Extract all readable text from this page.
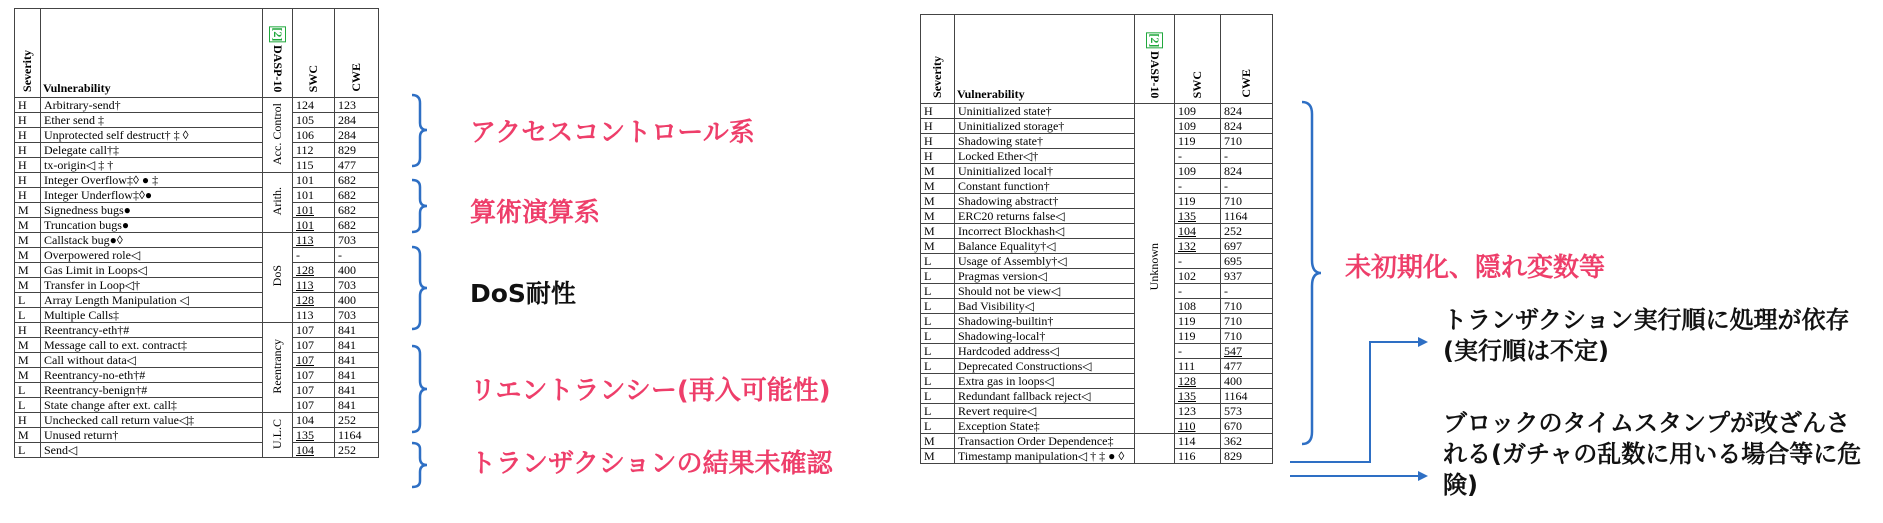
Severity	Vulnerability	DASP-10 [2]	SWC	CWE
H	Arbitrary-send†	Acc. Control	124	123
H	Ether send ‡		105	284
H	Unprotected self destruct† ‡ ◊		106	284
H	Delegate call†‡		112	829
H	tx-origin◁ ‡ †		115	477
H	Integer Overflow‡◊ ● ‡	Arith.	101	682
H	Integer Underflow‡◊●		101	682
M	Signedness bugs●		101	682
M	Truncation bugs●		101	682
M	Callstack bug●◊	DoS	113	703
M	Overpowered role◁		-	-
M	Gas Limit in Loops◁		128	400
M	Transfer in Loop◁†		113	703
L	Array Length Manipulation ◁		128	400
L	Multiple Calls‡		113	703
H	Reentrancy-eth†#	Reentrancy	107	841
M	Message call to ext. contract‡		107	841
M	Call without data◁		107	841
M	Reentrancy-no-eth†#		107	841
L	Reentrancy-benign†#		107	841
L	State change after ext. call‡		107	841
H	Unchecked call return value◁‡	U.L.C	104	252
M	Unused return†		135	1164
L	Send◁		104	252
Severity	Vulnerability	DASP-10 [2]	SWC	CWE
H	Uninitialized state†	Unknown	109	824
H	Uninitialized storage†		109	824
H	Shadowing state†		119	710
H	Locked Ether◁†		-	-
M	Uninitialized local†		109	824
M	Constant function†		-	-
M	Shadowing abstract†		119	710
M	ERC20 returns false◁		135	1164
M	Incorrect Blockhash◁		104	252
M	Balance Equality†◁		132	697
L	Usage of Assembly†◁		-	695
L	Pragmas version◁		102	937
L	Should not be view◁		-	-
L	Bad Visibility◁		108	710
L	Shadowing-builtin†		119	710
L	Shadowing-local†		119	710
L	Hardcoded address◁		-	547
L	Deprecated Constructions◁		111	477
L	Extra gas in loops◁		128	400
L	Redundant fallback reject◁		135	1164
L	Revert require◁		123	573
L	Exception State‡		110	670
M	Transaction Order Dependence‡		114	362
M	Timestamp manipulation◁ † ‡ ● ◊		116	829
アクセスコントロール系
算術演算系
DoS耐性
リエントランシー(再入可能性)
トランザクションの結果未確認
未初期化、隠れ変数等
トランザクション実行順に処理が依存(実行順は不定)
ブロックのタイムスタンプが改ざんされる(ガチャの乱数に用いる場合等に危険)
